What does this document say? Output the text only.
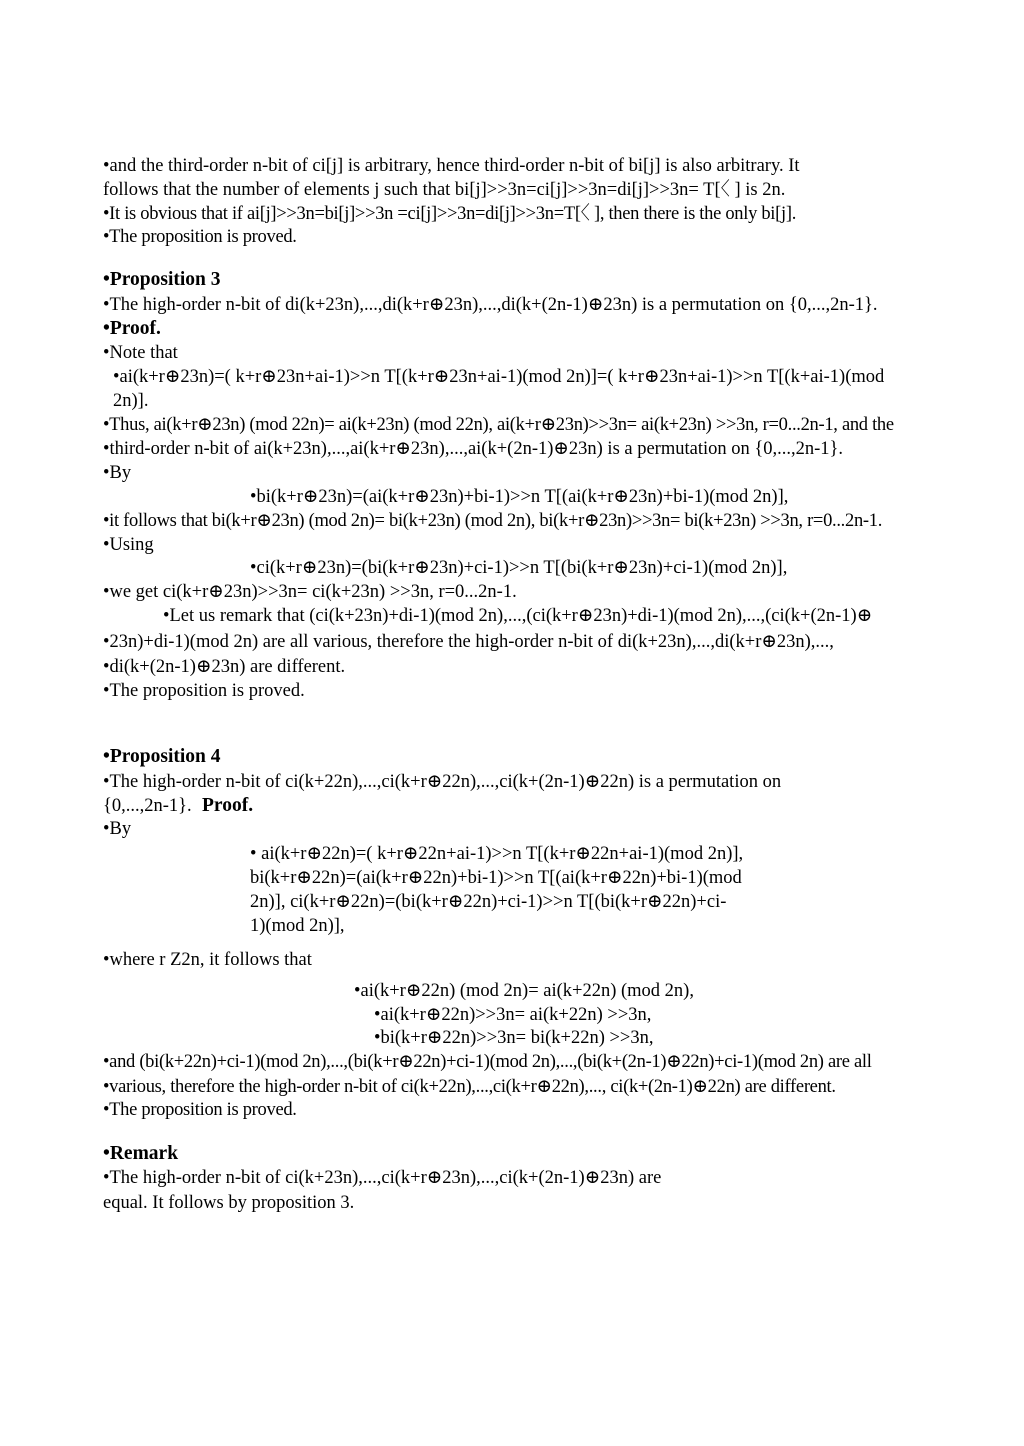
•and the third-order n-bit of ci[j] is arbitrary, hence third-order n-bit of bi[j] is also arbitrary. It
follows that the number of elements j such that bi[j]>>3n=ci[j]>>3n=di[j]>>3n= T[〈 ] is 2n.
•It is obvious that if ai[j]>>3n=bi[j]>>3n =ci[j]>>3n=di[j]>>3n=T[〈 ], then there is the only bi[j].
•The proposition is proved.
•Proposition 3
•The high-order n-bit of di(k+23n),...,di(k+r⊕23n),...,di(k+(2n-1)⊕23n) is a permutation on {0,...,2n-1}.
•Proof.
•Note that
•ai(k+r⊕23n)=( k+r⊕23n+ai-1)>>n T[(k+r⊕23n+ai-1)(mod 2n)]=( k+r⊕23n+ai-1)>>n T[(k+ai-1)(mod
2n)].
•Thus, ai(k+r⊕23n) (mod 22n)= ai(k+23n) (mod 22n), ai(k+r⊕23n)>>3n= ai(k+23n) >>3n, r=0...2n-1, and the
•third-order n-bit of ai(k+23n),...,ai(k+r⊕23n),...,ai(k+(2n-1)⊕23n) is a permutation on {0,...,2n-1}.
•By
•bi(k+r⊕23n)=(ai(k+r⊕23n)+bi-1)>>n T[(ai(k+r⊕23n)+bi-1)(mod 2n)],
•it follows that bi(k+r⊕23n) (mod 2n)= bi(k+23n) (mod 2n), bi(k+r⊕23n)>>3n= bi(k+23n) >>3n, r=0...2n-1.
•Using
•ci(k+r⊕23n)=(bi(k+r⊕23n)+ci-1)>>n T[(bi(k+r⊕23n)+ci-1)(mod 2n)],
•we get ci(k+r⊕23n)>>3n= ci(k+23n) >>3n, r=0...2n-1.
•Let us remark that (ci(k+23n)+di-1)(mod 2n),...,(ci(k+r⊕23n)+di-1)(mod 2n),...,(ci(k+(2n-1)⊕
•23n)+di-1)(mod 2n) are all various, therefore the high-order n-bit of di(k+23n),...,di(k+r⊕23n),...,
•di(k+(2n-1)⊕23n) are different.
•The proposition is proved.
•Proposition 4
•The high-order n-bit of ci(k+22n),...,ci(k+r⊕22n),...,ci(k+(2n-1)⊕22n) is a permutation on
{0,...,2n-1}. Proof.
•By
• ai(k+r⊕22n)=( k+r⊕22n+ai-1)>>n T[(k+r⊕22n+ai-1)(mod 2n)],
bi(k+r⊕22n)=(ai(k+r⊕22n)+bi-1)>>n T[(ai(k+r⊕22n)+bi-1)(mod
2n)], ci(k+r⊕22n)=(bi(k+r⊕22n)+ci-1)>>n T[(bi(k+r⊕22n)+ci-
1)(mod 2n)],
•where r Z2n, it follows that
•ai(k+r⊕22n) (mod 2n)= ai(k+22n) (mod 2n),
•ai(k+r⊕22n)>>3n= ai(k+22n) >>3n,
•bi(k+r⊕22n)>>3n= bi(k+22n) >>3n,
•and (bi(k+22n)+ci-1)(mod 2n),...,(bi(k+r⊕22n)+ci-1)(mod 2n),...,(bi(k+(2n-1)⊕22n)+ci-1)(mod 2n) are all
•various, therefore the high-order n-bit of ci(k+22n),...,ci(k+r⊕22n),..., ci(k+(2n-1)⊕22n) are different.
•The proposition is proved.
•Remark
•The high-order n-bit of ci(k+23n),...,ci(k+r⊕23n),...,ci(k+(2n-1)⊕23n) are
equal. It follows by proposition 3.
